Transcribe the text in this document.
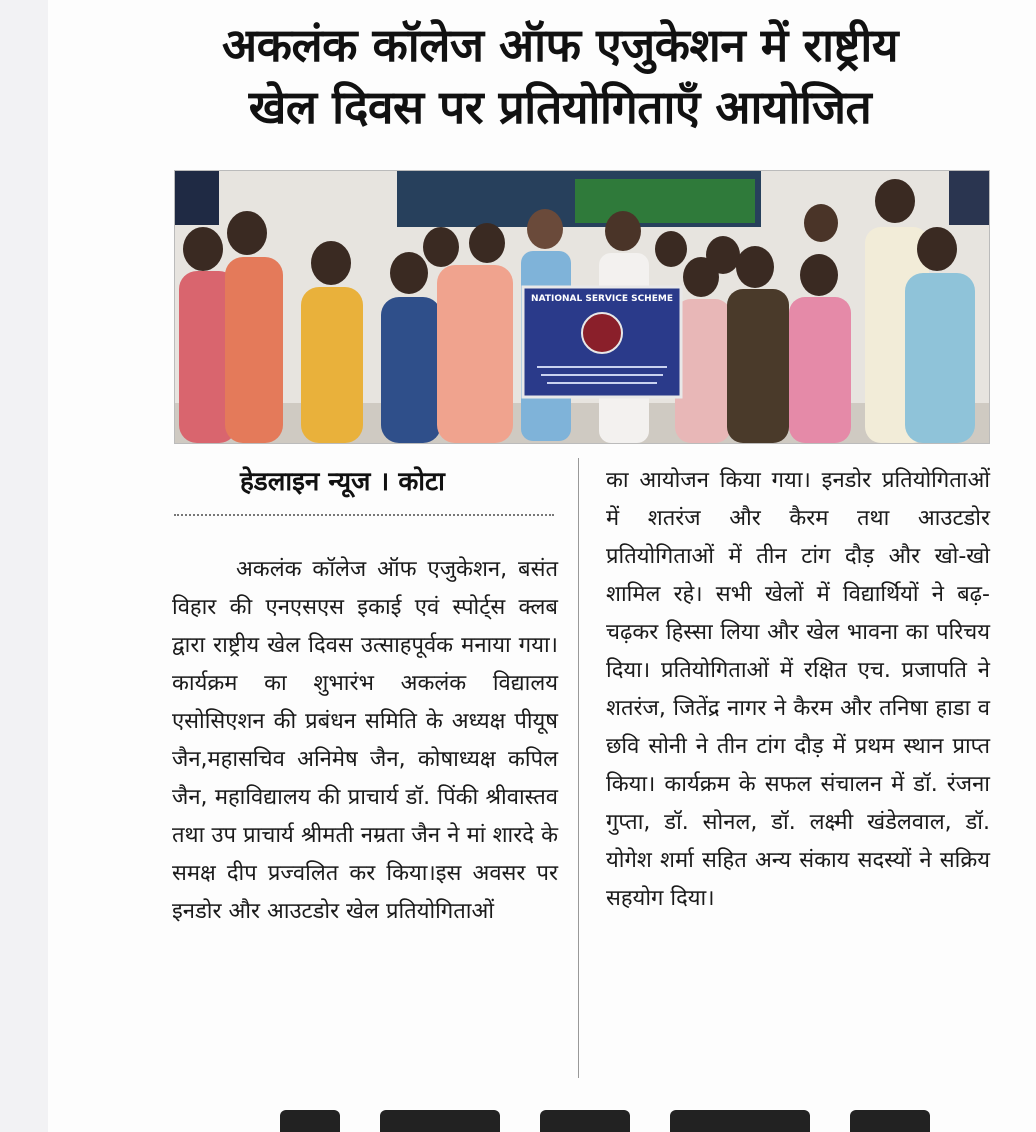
अकलंक कॉलेज ऑफ एजुकेशन में राष्ट्रीय
खेल दिवस पर प्रतियोगिताएँ आयोजित
NATIONAL SERVICE SCHEME
हेडलाइन न्यूज । कोटा
अकलंक कॉलेज ऑफ एजुकेशन, बसंत विहार की एनएसएस इकाई एवं स्पोर्ट्स क्लब द्वारा राष्ट्रीय खेल दिवस उत्साहपूर्वक मनाया गया। कार्यक्रम का शुभारंभ अकलंक विद्यालय एसोसिएशन की प्रबंधन समिति के अध्यक्ष पीयूष जैन,महासचिव अनिमेष जैन, कोषाध्यक्ष कपिल जैन, महाविद्यालय की प्राचार्य डॉ. पिंकी श्रीवास्तव तथा उप प्राचार्य श्रीमती नम्रता जैन ने मां शारदे के समक्ष दीप प्रज्वलित कर किया।इस अवसर पर इनडोर और आउटडोर खेल प्रतियोगिताओं
का आयोजन किया गया। इनडोर प्रतियोगिताओं में शतरंज और कैरम तथा आउटडोर प्रतियोगिताओं में तीन टांग दौड़ और खो-खो शामिल रहे। सभी खेलों में विद्यार्थियों ने बढ़-चढ़कर हिस्सा लिया और खेल भावना का परिचय दिया। प्रतियोगिताओं में रक्षित एच. प्रजापति ने शतरंज, जितेंद्र नागर ने कैरम और तनिषा हाडा व छवि सोनी ने तीन टांग दौड़ में प्रथम स्थान प्राप्त किया। कार्यक्रम के सफल संचालन में डॉ. रंजना गुप्ता, डॉ. सोनल, डॉ. लक्ष्मी खंडेलवाल, डॉ. योगेश शर्मा सहित अन्य संकाय सदस्यों ने सक्रिय सहयोग दिया।
